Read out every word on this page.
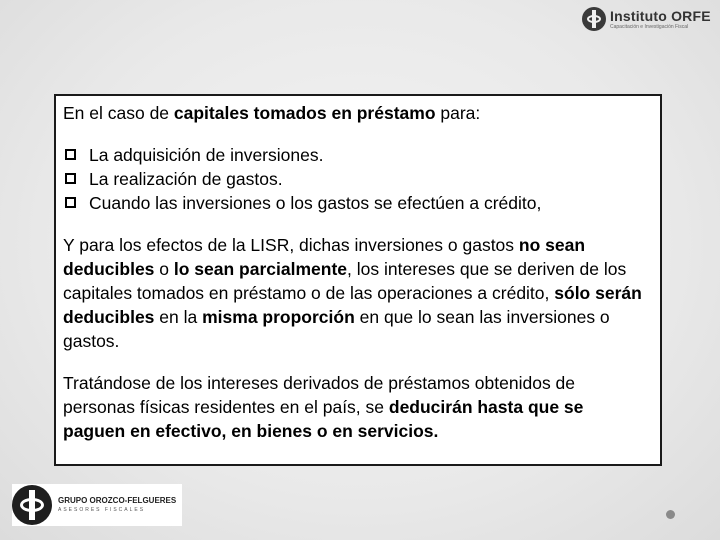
Instituto ORFE
Capacitación e Investigación Fiscal

En el caso de capitales tomados en préstamo para:

La adquisición de inversiones.
La realización de gastos.
Cuando las inversiones o los gastos se efectúen a crédito,

Y para los efectos de la LISR, dichas inversiones o gastos no sean deducibles o lo sean parcialmente, los intereses que se deriven de los capitales tomados en préstamo o de las operaciones a crédito, sólo serán deducibles en la misma proporción en que lo sean las inversiones o gastos.

Tratándose de los intereses derivados de préstamos obtenidos de personas físicas residentes en el país, se deducirán hasta que se paguen en efectivo, en bienes o en servicios.

GRUPO OROZCO-FELGUERES
ASESORES FISCALES
